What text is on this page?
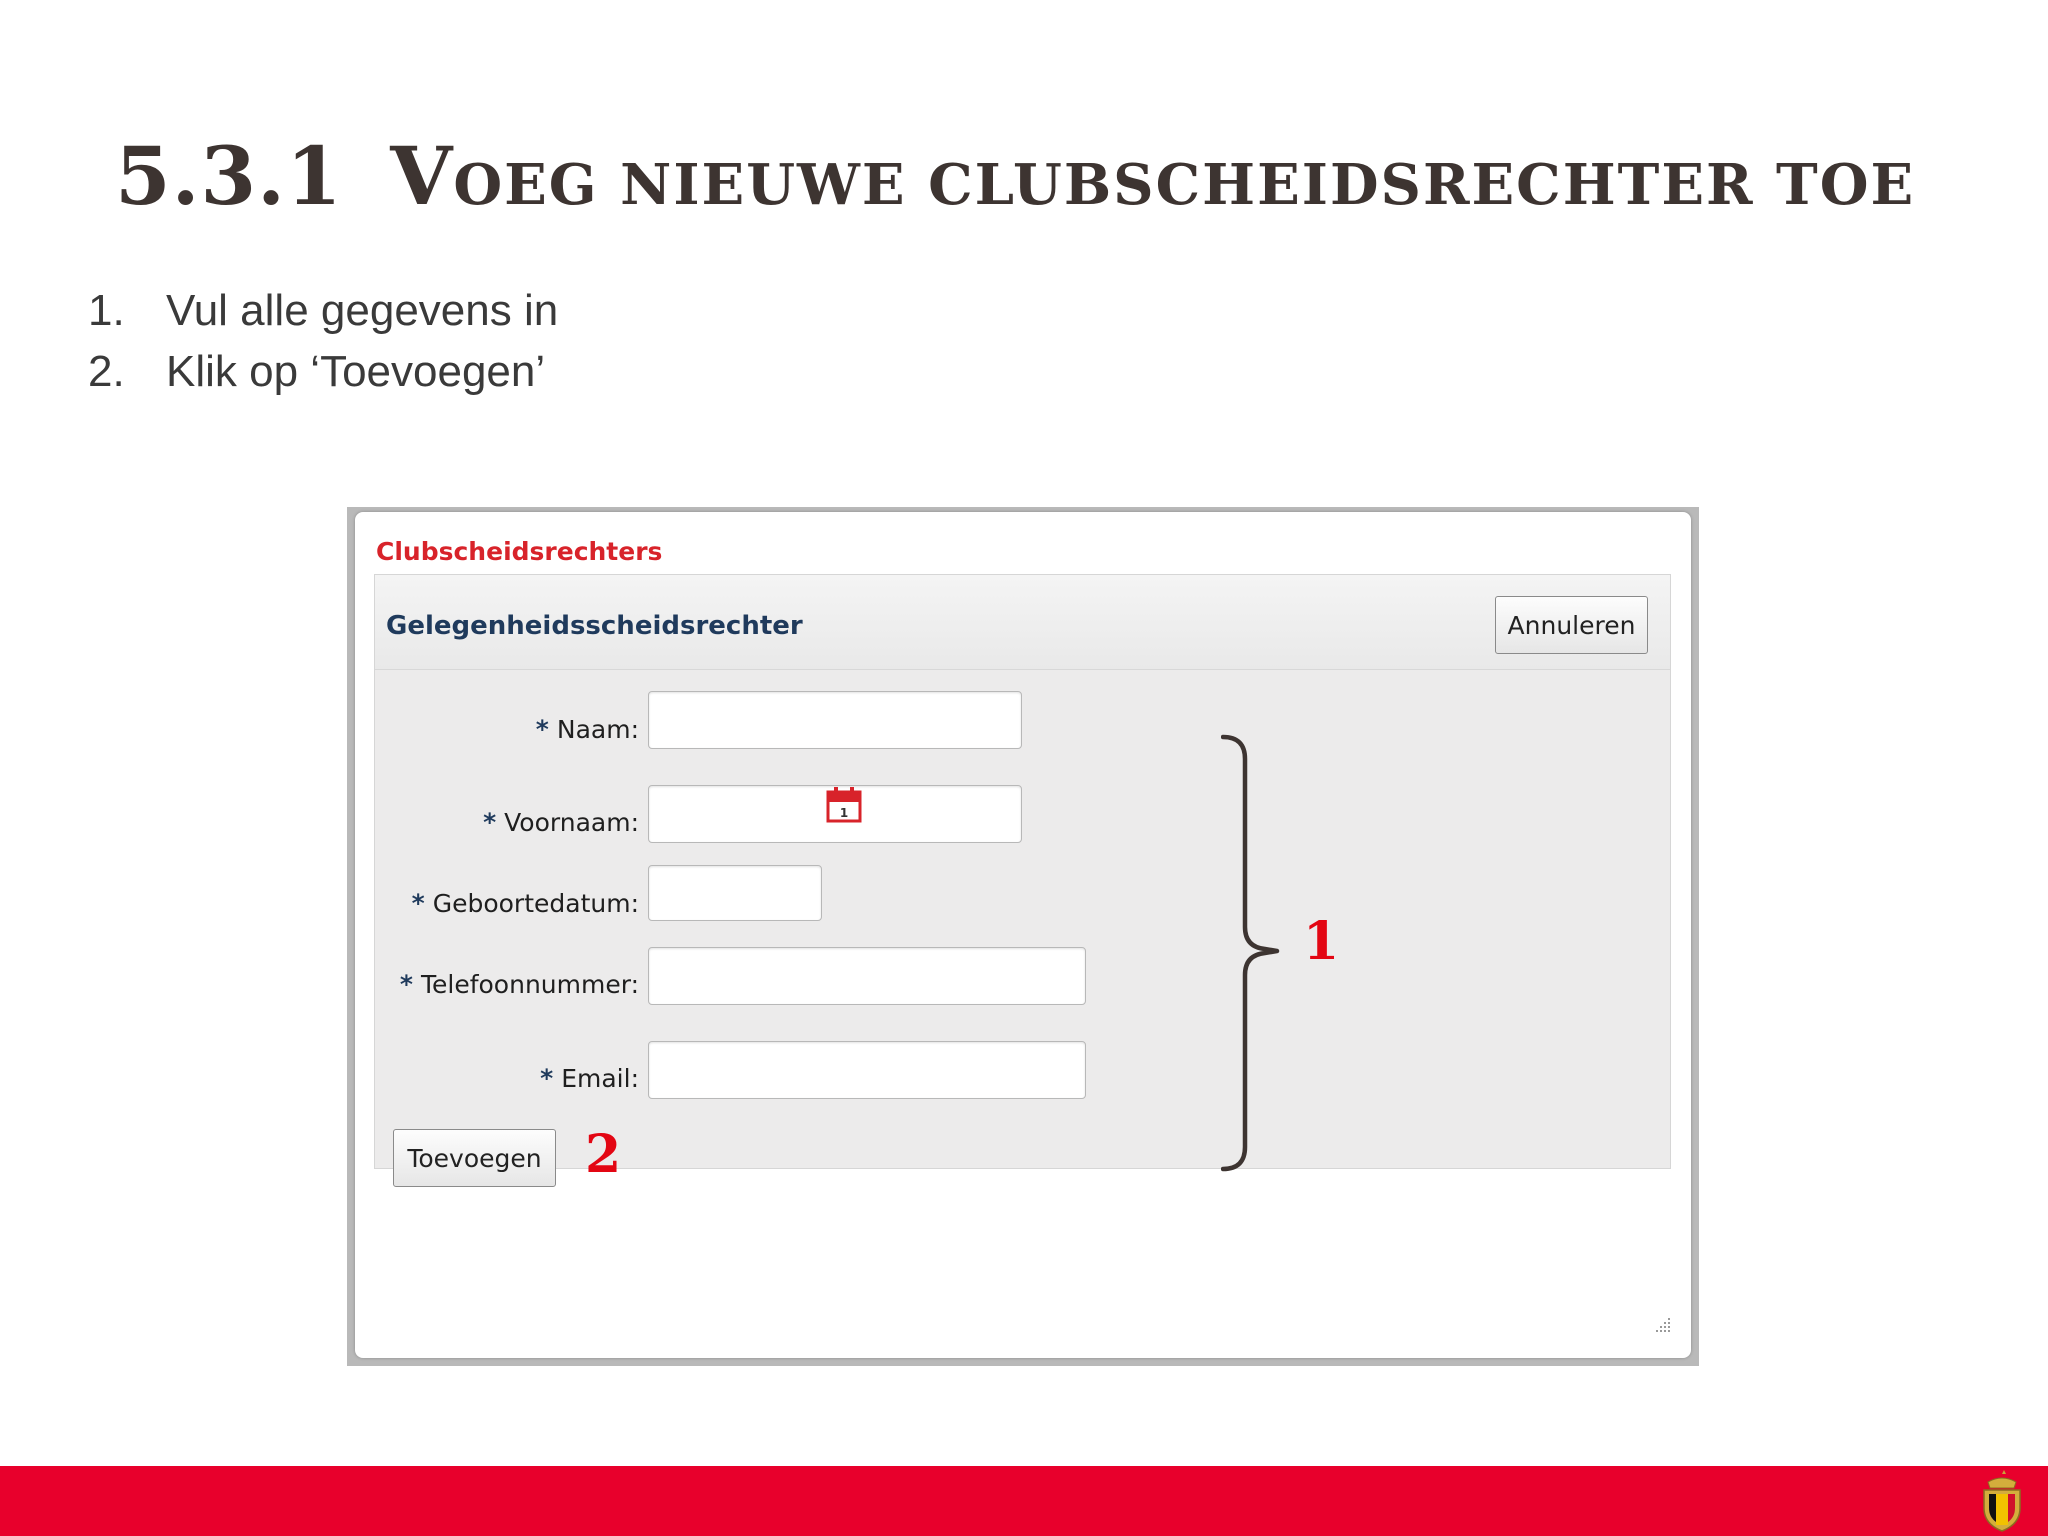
5.3.1 VOEG NIEUWE CLUBSCHEIDSRECHTER TOE
1. Vul alle gegevens in
2. Klik op ‘Toevoegen’
Clubscheidsrechters
Gelegenheidsscheidsrechter	Annuleren
* Naam:
* Voornaam:
* Geboortedatum:
1
* Telefoonnummer:
* Email:
Toevoegen
1
2
